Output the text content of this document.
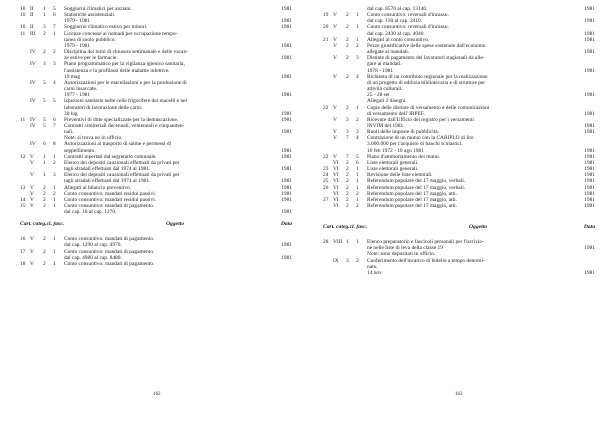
10 II	1	5	Soggiorni climatici per anziani.	1981
10 II	1	6	Statistiche assistenziali.
1979 - 1981	1981
10 II	3	7	Soggiorno climatico estivo per minori.	1981
11 III	2	1	Licenze concesse ai nomadi per occupazione tempo-
ranea di suolo pubblico.
1979 - 1981	1981
IV	2	2	Disciplina dei turni di chiusura settimanale e delle vacan-
ze estive per le farmacie.	1981
IV	3	3	Piano programmatico per la vigilanza igienico sanitaria,
l'assistenza e la profilassi delle malattie infettive.
19 mag	1981
IV	5	4	Autorizzazioni per le macellazioni e per la produzione di
carni insaccate.
1977 - 1981	1981
IV	5	5	Ispezioni sanitarie nelle celle frigorifere dei macelli e nei
laboratori di lavorazione delle carni.
30 lug	1981
11 IV	5	6	Preventivi di ditte specializzate per la demuscazione.	1981
IV	5	7	Contratti cimiteriali decennali, ventennali e cinquanten-
nali.	1981
Note: si trova no in ufficio.
IV	6	8	Autorizzazioni al trasporto di salme e permessi di
seppellimento.	1981
12 V	1	1	Contratti repertati dal segretario comunale.	1981
V	1	2	Elenco dei depositi cauzionali effettuati da privati per
tagli stradali effettuati dal 1974 al 1981.	1981
V	1	3	Elenco dei depositi cauzionali effettuati da privati per
tagli stradali effettuati dal 1974 al 1981.	1981
13 V	2	1	Allegati al bilancio preventivo.	1981
V	2	2	Conto consuntivo: mandati residui passivi.	1981
14 V	2	1	Conto consuntivo: mandati residui passivi.	1981
15 V	2	1	Conto consuntivo: mandati di pagamento.
dal cap. 10 al cap. 1270.	1981
Cart. categ.cl. fasc.	Oggetto	Data
16 V	2	1	Conto consuntivo: mandati di pagamento.
dal cap. 1290 al cap. 4970.	1981
17 V	2	1	Conto consuntivo: mandati di pagamento.
dal cap. 4980 al cap. 8480.	1981
18 V	2	1	Conto consuntivo: mandati di pagamento.
162
dal cap. 8570 al cap. 13140.	1981
19 V	2	1	Conto consuntivo: reversali d'incasso.
dal cap. 130 al cap. 2410.	1981
20 V	2	1	Conto consuntivo: reversali d'incasso.
dal cap. 2430 al cap. 4040.	1981
21 V	2	1	Allegati al conto consuntivo.	1981
V	2	2	Pezze giustificative delle spese sostenute dall'economo
allegate ai mandati.	1981
V	2	3	Distinte di pagamento dei lavoratori stagionali da alle-
gare ai mandati.
1978 - 1981	1981
V	2	4	Richiesta di un contributo regionale per la realizzazione
di un progetto di edilizia bibliotecaria e di strutture per
attività culturali.
25 - 28 set	1981
Allegati 2 disegni.
22 V	2	1	Copie delle distinte di versamento e delle comunicazioni
di versamento dell' IRPEF.	1981
V	3	2	Ricevute dall'Ufficio del registro per i versamenti
INVIM del 1981.	1981
V	3	3	Ruoli delle imposte di pubblicità.	1981
V	7	4	Contrazione di un mutuo con la CARIPLO di lire
3.000.000 per l'acquisto di banchi scolastici.
10 feb 1972 - 10 ago 1981	1981
22 V	7	5	Piano d'ammortamento dei mutui.	1981
VI	2	6	Liste elettorali generali.	1981
23 VI	2	1	Liste elettorali generali.	1981
24 VI	2	1	Revisione delle liste elettorali.	1981
25 VI	2	1	Referendum popolare del 17 maggio, verbali.	1981
26 VI	2	1	Referendum popolare del 17 maggio, verbali.	1981
VI	2	2	Referendum popolare del 17 maggio, atti.	1981
27 VI	2	1	Referendum popolare del 17 maggio, atti.	1981
VI	2	2	Referendum popolare del 17 maggio, atti.	1981
Cart. categ.cl. fasc.	Oggetto	Data
28 VIII 1	1	Elenco preparatorio e fascicoli personali per l'iscrizio-
ne nelle liste di leva della classe 19	1981
Note: sono depositati in ufficio.
IX	3	2	Conferimento dell'incarico di bidello a tempo determi-
nato.
14 nov	1981
163
